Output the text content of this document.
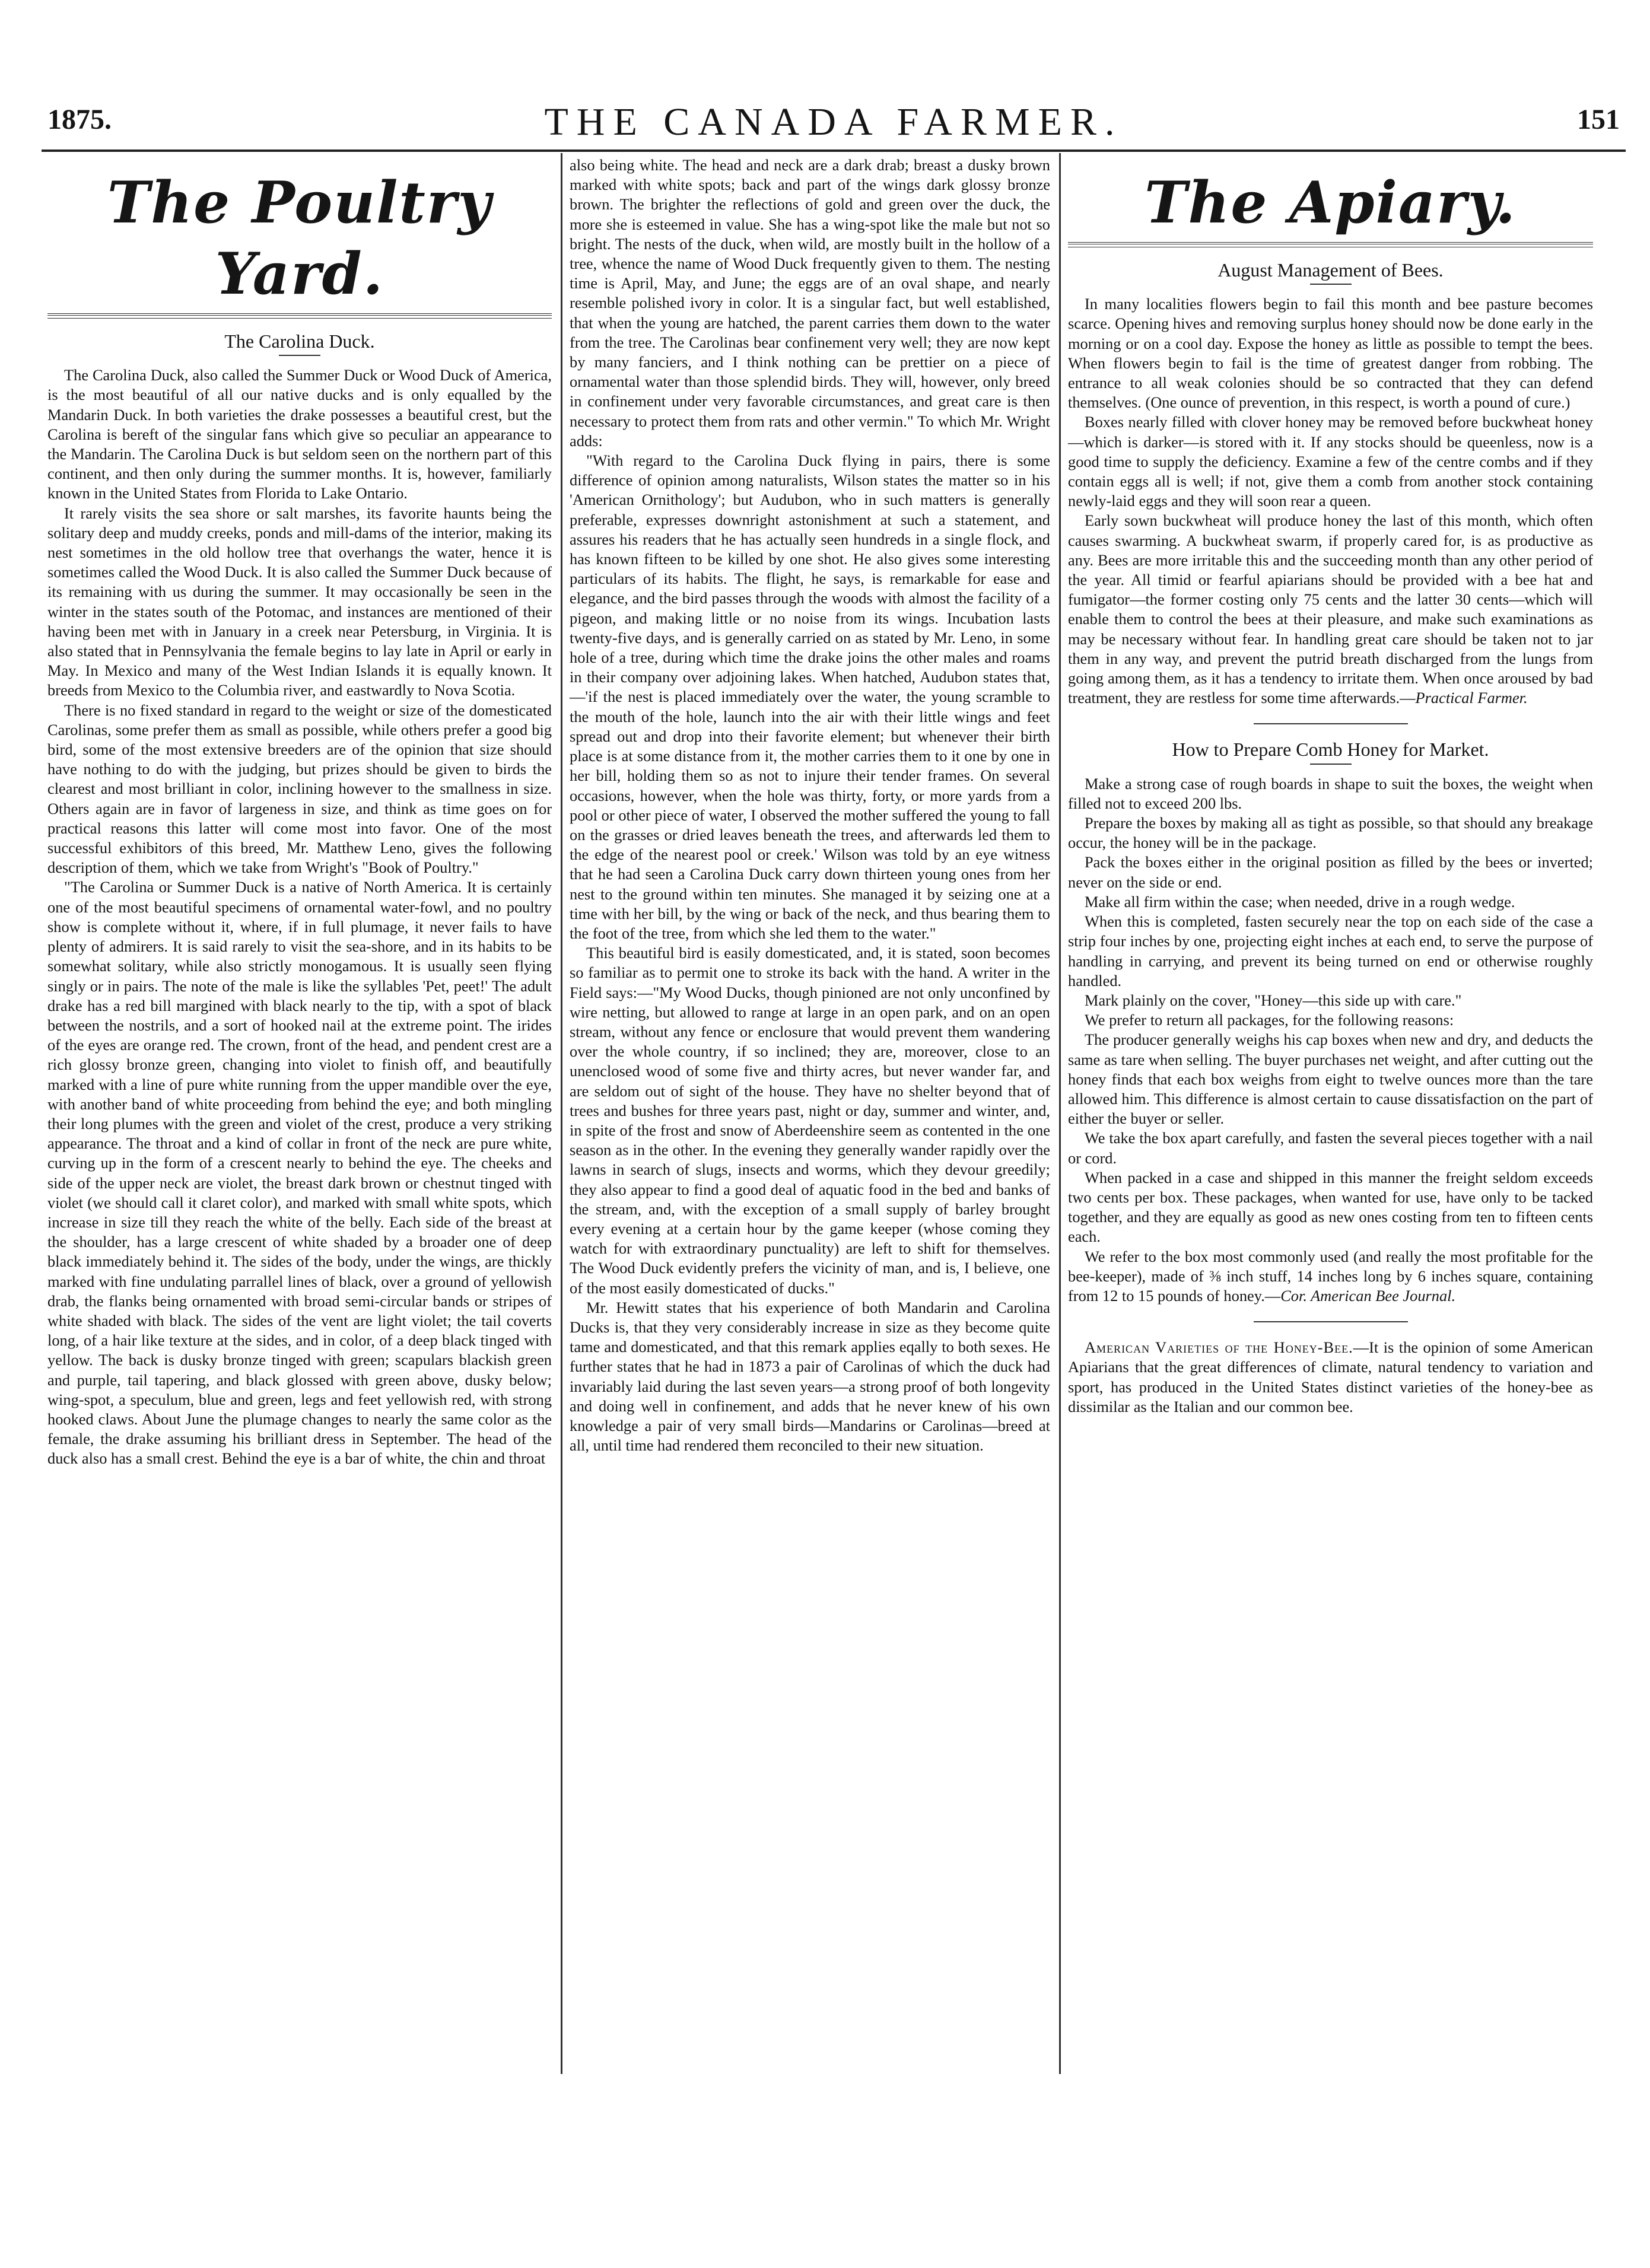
1875.	THE CANADA FARMER.	151
The Poultry Yard.
The Carolina Duck.

The Carolina Duck, also called the Summer Duck or Wood Duck of America, is the most beautiful of all our native ducks and is only equalled by the Mandarin Duck. In both varieties the drake possesses a beautiful crest, but the Carolina is bereft of the singular fans which give so peculiar an appearance to the Mandarin. The Carolina Duck is but seldom seen on the northern part of this continent, and then only during the summer months. It is, however, familiarly known in the United States from Florida to Lake Ontario.

It rarely visits the sea shore or salt marshes, its favorite haunts being the solitary deep and muddy creeks, ponds and mill-dams of the interior, making its nest sometimes in the old hollow tree that overhangs the water, hence it is sometimes called the Wood Duck. It is also called the Summer Duck because of its remaining with us during the summer. It may occasionally be seen in the winter in the states south of the Potomac, and instances are mentioned of their having been met with in January in a creek near Petersburg, in Virginia. It is also stated that in Pennsylvania the female begins to lay late in April or early in May. In Mexico and many of the West Indian Islands it is equally known. It breeds from Mexico to the Columbia river, and eastwardly to Nova Scotia.

There is no fixed standard in regard to the weight or size of the domesticated Carolinas, some prefer them as small as possible, while others prefer a good big bird, some of the most extensive breeders are of the opinion that size should have nothing to do with the judging, but prizes should be given to birds the clearest and most brilliant in color, inclining however to the smallness in size. Others again are in favor of largeness in size, and think as time goes on for practical reasons this latter will come most into favor. One of the most successful exhibitors of this breed, Mr. Matthew Leno, gives the following description of them, which we take from Wright's "Book of Poultry."

"The Carolina or Summer Duck is a native of North America. It is certainly one of the most beautiful specimens of ornamental water-fowl, and no poultry show is complete without it, where, if in full plumage, it never fails to have plenty of admirers. It is said rarely to visit the sea-shore, and in its habits to be somewhat solitary, while also strictly monogamous. It is usually seen flying singly or in pairs. The note of the male is like the syllables 'Pet, peet!' The adult drake has a red bill margined with black nearly to the tip, with a spot of black between the nostrils, and a sort of hooked nail at the extreme point. The irides of the eyes are orange red. The crown, front of the head, and pendent crest are a rich glossy bronze green, changing into violet to finish off, and beautifully marked with a line of pure white running from the upper mandible over the eye, with another band of white proceeding from behind the eye; and both mingling their long plumes with the green and violet of the crest, produce a very striking appearance. The throat and a kind of collar in front of the neck are pure white, curving up in the form of a crescent nearly to behind the eye. The cheeks and side of the upper neck are violet, the breast dark brown or chestnut tinged with violet (we should call it claret color), and marked with small white spots, which increase in size till they reach the white of the belly. Each side of the breast at the shoulder, has a large crescent of white shaded by a broader one of deep black immediately behind it. The sides of the body, under the wings, are thickly marked with fine undulating parrallel lines of black, over a ground of yellowish drab, the flanks being ornamented with broad semi-circular bands or stripes of white shaded with black. The sides of the vent are light violet; the tail coverts long, of a hair like texture at the sides, and in color, of a deep black tinged with yellow. The back is dusky bronze tinged with green; scapulars blackish green and purple, tail tapering, and black glossed with green above, dusky below; wing-spot, a speculum, blue and green, legs and feet yellowish red, with strong hooked claws. About June the plumage changes to nearly the same color as the female, the drake assuming his brilliant dress in September. The head of the duck also has a small crest. Behind the eye is a bar of white, the chin and throat

also being white. The head and neck are a dark drab; breast a dusky brown marked with white spots; back and part of the wings dark glossy bronze brown. The brighter the reflections of gold and green over the duck, the more she is esteemed in value. She has a wing-spot like the male but not so bright. The nests of the duck, when wild, are mostly built in the hollow of a tree, whence the name of Wood Duck frequently given to them. The nesting time is April, May, and June; the eggs are of an oval shape, and nearly resemble polished ivory in color. It is a singular fact, but well established, that when the young are hatched, the parent carries them down to the water from the tree. The Carolinas bear confinement very well; they are now kept by many fanciers, and I think nothing can be prettier on a piece of ornamental water than those splendid birds. They will, however, only breed in confinement under very favorable circumstances, and great care is then necessary to protect them from rats and other vermin." To which Mr. Wright adds:

"With regard to the Carolina Duck flying in pairs, there is some difference of opinion among naturalists, Wilson states the matter so in his 'American Ornithology'; but Audubon, who in such matters is generally preferable, expresses downright astonishment at such a statement, and assures his readers that he has actually seen hundreds in a single flock, and has known fifteen to be killed by one shot. He also gives some interesting particulars of its habits. The flight, he says, is remarkable for ease and elegance, and the bird passes through the woods with almost the facility of a pigeon, and making little or no noise from its wings. Incubation lasts twenty-five days, and is generally carried on as stated by Mr. Leno, in some hole of a tree, during which time the drake joins the other males and roams in their company over adjoining lakes. When hatched, Audubon states that,—'if the nest is placed immediately over the water, the young scramble to the mouth of the hole, launch into the air with their little wings and feet spread out and drop into their favorite element; but whenever their birth place is at some distance from it, the mother carries them to it one by one in her bill, holding them so as not to injure their tender frames. On several occasions, however, when the hole was thirty, forty, or more yards from a pool or other piece of water, I observed the mother suffered the young to fall on the grasses or dried leaves beneath the trees, and afterwards led them to the edge of the nearest pool or creek.' Wilson was told by an eye witness that he had seen a Carolina Duck carry down thirteen young ones from her nest to the ground within ten minutes. She managed it by seizing one at a time with her bill, by the wing or back of the neck, and thus bearing them to the foot of the tree, from which she led them to the water."

This beautiful bird is easily domesticated, and, it is stated, soon becomes so familiar as to permit one to stroke its back with the hand. A writer in the Field says:—"My Wood Ducks, though pinioned are not only unconfined by wire netting, but allowed to range at large in an open park, and on an open stream, without any fence or enclosure that would prevent them wandering over the whole country, if so inclined; they are, moreover, close to an unenclosed wood of some five and thirty acres, but never wander far, and are seldom out of sight of the house. They have no shelter beyond that of trees and bushes for three years past, night or day, summer and winter, and, in spite of the frost and snow of Aberdeenshire seem as contented in the one season as in the other. In the evening they generally wander rapidly over the lawns in search of slugs, insects and worms, which they devour greedily; they also appear to find a good deal of aquatic food in the bed and banks of the stream, and, with the exception of a small supply of barley brought every evening at a certain hour by the game keeper (whose coming they watch for with extraordinary punctuality) are left to shift for themselves. The Wood Duck evidently prefers the vicinity of man, and is, I believe, one of the most easily domesticated of ducks."

Mr. Hewitt states that his experience of both Mandarin and Carolina Ducks is, that they very considerably increase in size as they become quite tame and domesticated, and that this remark applies eqally to both sexes. He further states that he had in 1873 a pair of Carolinas of which the duck had invariably laid during the last seven years—a strong proof of both longevity and doing well in confinement, and adds that he never knew of his own knowledge a pair of very small birds—Mandarins or Carolinas—breed at all, until time had rendered them reconciled to their new situation.

The Apiary.
August Management of Bees.

In many localities flowers begin to fail this month and bee pasture becomes scarce. Opening hives and removing surplus honey should now be done early in the morning or on a cool day. Expose the honey as little as possible to tempt the bees. When flowers begin to fail is the time of greatest danger from robbing. The entrance to all weak colonies should be so contracted that they can defend themselves. (One ounce of prevention, in this respect, is worth a pound of cure.)

Boxes nearly filled with clover honey may be removed before buckwheat honey—which is darker—is stored with it. If any stocks should be queenless, now is a good time to supply the deficiency. Examine a few of the centre combs and if they contain eggs all is well; if not, give them a comb from another stock containing newly-laid eggs and they will soon rear a queen.

Early sown buckwheat will produce honey the last of this month, which often causes swarming. A buckwheat swarm, if properly cared for, is as productive as any. Bees are more irritable this and the succeeding month than any other period of the year. All timid or fearful apiarians should be provided with a bee hat and fumigator—the former costing only 75 cents and the latter 30 cents—which will enable them to control the bees at their pleasure, and make such examinations as may be necessary without fear. In handling great care should be taken not to jar them in any way, and prevent the putrid breath discharged from the lungs from going among them, as it has a tendency to irritate them. When once aroused by bad treatment, they are restless for some time afterwards.—Practical Farmer.

How to Prepare Comb Honey for Market.

Make a strong case of rough boards in shape to suit the boxes, the weight when filled not to exceed 200 lbs.

Prepare the boxes by making all as tight as possible, so that should any breakage occur, the honey will be in the package.

Pack the boxes either in the original position as filled by the bees or inverted; never on the side or end.

Make all firm within the case; when needed, drive in a rough wedge.

When this is completed, fasten securely near the top on each side of the case a strip four inches by one, projecting eight inches at each end, to serve the purpose of handling in carrying, and prevent its being turned on end or otherwise roughly handled.

Mark plainly on the cover, "Honey—this side up with care."

We prefer to return all packages, for the following reasons:

The producer generally weighs his cap boxes when new and dry, and deducts the same as tare when selling. The buyer purchases net weight, and after cutting out the honey finds that each box weighs from eight to twelve ounces more than the tare allowed him. This difference is almost certain to cause dissatisfaction on the part of either the buyer or seller.

We take the box apart carefully, and fasten the several pieces together with a nail or cord.

When packed in a case and shipped in this manner the freight seldom exceeds two cents per box. These packages, when wanted for use, have only to be tacked together, and they are equally as good as new ones costing from ten to fifteen cents each.

We refer to the box most commonly used (and really the most profitable for the bee-keeper), made of ⅜ inch stuff, 14 inches long by 6 inches square, containing from 12 to 15 pounds of honey.—Cor. American Bee Journal.

American Varieties of the Honey-Bee.—It is the opinion of some American Apiarians that the great differences of climate, natural tendency to variation and sport, has produced in the United States distinct varieties of the honey-bee as dissimilar as the Italian and our common bee.
